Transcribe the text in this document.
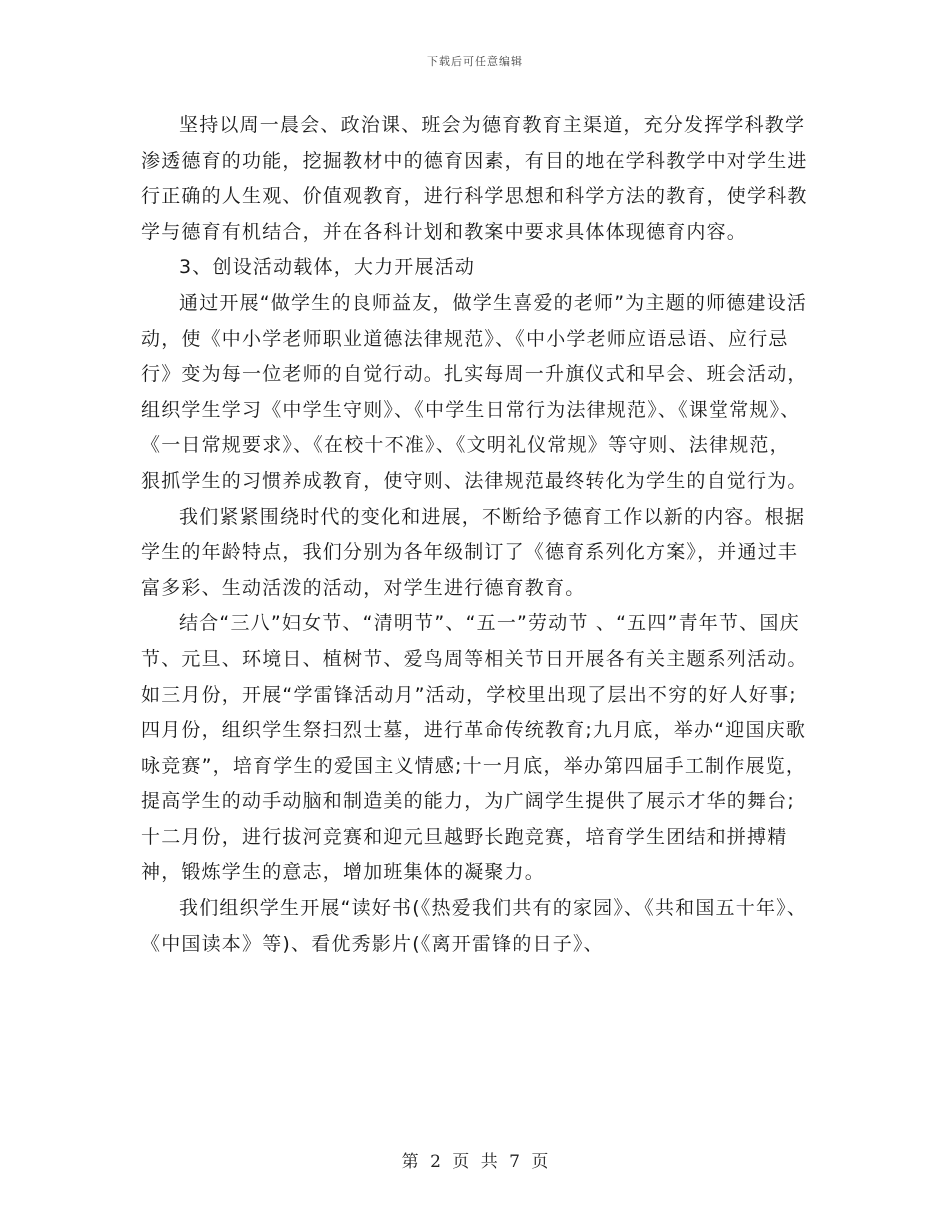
下载后可任意编辑

坚持以周一晨会、政治课、班会为德育教育主渠道，充分发挥学科教学渗透德育的功能，挖掘教材中的德育因素，有目的地在学科教学中对学生进行正确的人生观、价值观教育，进行科学思想和科学方法的教育，使学科教学与德育有机结合，并在各科计划和教案中要求具体体现德育内容。

3、创设活动载体，大力开展活动

通过开展“做学生的良师益友，做学生喜爱的老师”为主题的师德建设活动，使《中小学老师职业道德法律规范》、《中小学老师应语忌语、应行忌行》变为每一位老师的自觉行动。扎实每周一升旗仪式和早会、班会活动，组织学生学习《中学生守则》、《中学生日常行为法律规范》、《课堂常规》、《一日常规要求》、《在校十不准》、《文明礼仪常规》等守则、法律规范，狠抓学生的习惯养成教育，使守则、法律规范最终转化为学生的自觉行为。

我们紧紧围绕时代的变化和进展，不断给予德育工作以新的内容。根据学生的年龄特点，我们分别为各年级制订了《德育系列化方案》，并通过丰富多彩、生动活泼的活动，对学生进行德育教育。

结合“三八”妇女节、“清明节”、“五一”劳动节 、“五四”青年节、国庆节、元旦、环境日、植树节、爱鸟周等相关节日开展各有关主题系列活动。如三月份，开展“学雷锋活动月”活动，学校里出现了层出不穷的好人好事;四月份，组织学生祭扫烈士墓，进行革命传统教育;九月底，举办“迎国庆歌咏竞赛”，培育学生的爱国主义情感;十一月底，举办第四届手工制作展览，提高学生的动手动脑和制造美的能力，为广阔学生提供了展示才华的舞台;十二月份，进行拔河竞赛和迎元旦越野长跑竞赛，培育学生团结和拼搏精神，锻炼学生的意志，增加班集体的凝聚力。

我们组织学生开展“读好书(《热爱我们共有的家园》、《共和国五十年》、《中国读本》等)、看优秀影片(《离开雷锋的日子》、

第 2 页 共 7 页
